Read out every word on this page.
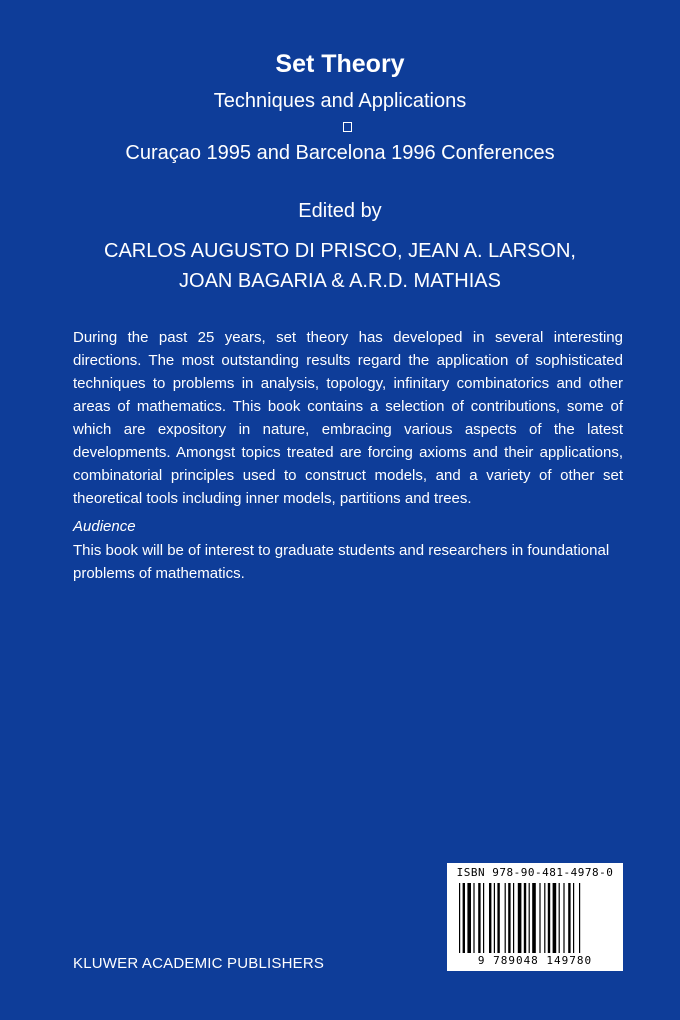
Set Theory
Techniques and Applications
Curaçao 1995 and Barcelona 1996 Conferences
Edited by
CARLOS AUGUSTO DI PRISCO, JEAN A. LARSON,
JOAN BAGARIA & A.R.D. MATHIAS
During the past 25 years, set theory has developed in several interesting directions. The most outstanding results regard the application of sophisticated techniques to problems in analysis, topology, infinitary combinatorics and other areas of mathematics. This book contains a selection of contributions, some of which are expository in nature, embracing various aspects of the latest developments. Amongst topics treated are forcing axioms and their applications, combinatorial principles used to construct models, and a variety of other set theoretical tools including inner models, partitions and trees.
Audience
This book will be of interest to graduate students and researchers in foundational problems of mathematics.
KLUWER ACADEMIC PUBLISHERS
ISBN 978-90-481-4978-0
9 789048 149780
